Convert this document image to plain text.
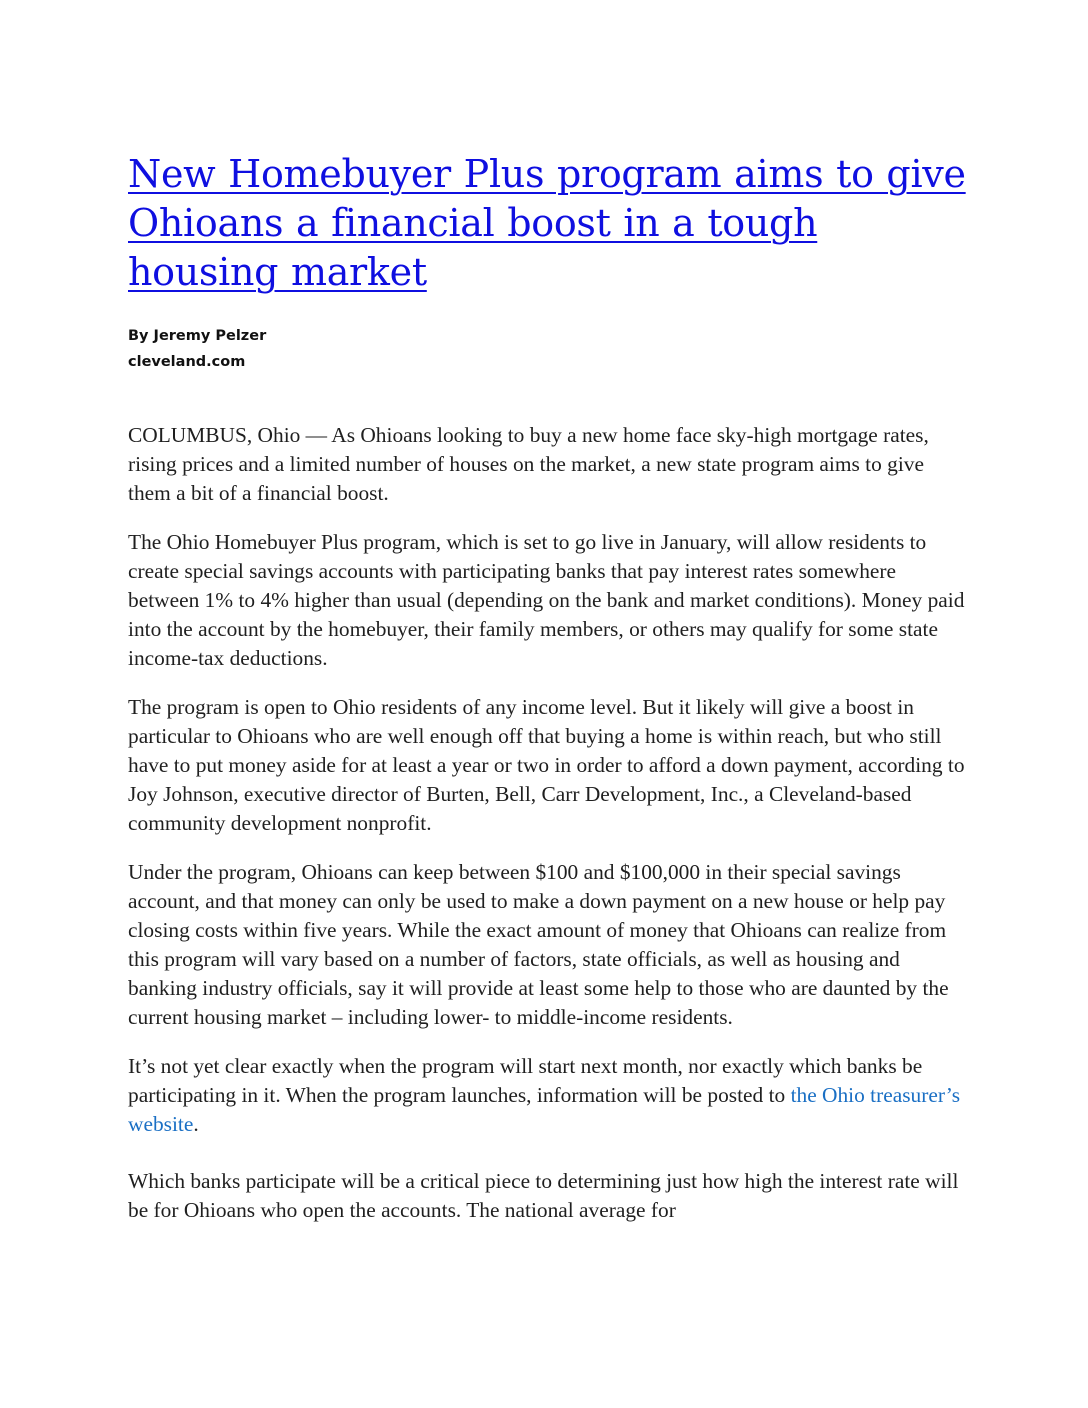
New Homebuyer Plus program aims to give Ohioans a financial boost in a tough housing market
By Jeremy Pelzer
cleveland.com

COLUMBUS, Ohio — As Ohioans looking to buy a new home face sky-high mortgage rates, rising prices and a limited number of houses on the market, a new state program aims to give them a bit of a financial boost.

The Ohio Homebuyer Plus program, which is set to go live in January, will allow residents to create special savings accounts with participating banks that pay interest rates somewhere between 1% to 4% higher than usual (depending on the bank and market conditions). Money paid into the account by the homebuyer, their family members, or others may qualify for some state income-tax deductions.

The program is open to Ohio residents of any income level. But it likely will give a boost in particular to Ohioans who are well enough off that buying a home is within reach, but who still have to put money aside for at least a year or two in order to afford a down payment, according to Joy Johnson, executive director of Burten, Bell, Carr Development, Inc., a Cleveland-based community development nonprofit.

Under the program, Ohioans can keep between $100 and $100,000 in their special savings account, and that money can only be used to make a down payment on a new house or help pay closing costs within five years. While the exact amount of money that Ohioans can realize from this program will vary based on a number of factors, state officials, as well as housing and banking industry officials, say it will provide at least some help to those who are daunted by the current housing market – including lower- to middle-income residents.

It’s not yet clear exactly when the program will start next month, nor exactly which banks be participating in it. When the program launches, information will be posted to the Ohio treasurer’s website.

Which banks participate will be a critical piece to determining just how high the interest rate will be for Ohioans who open the accounts. The national average for
